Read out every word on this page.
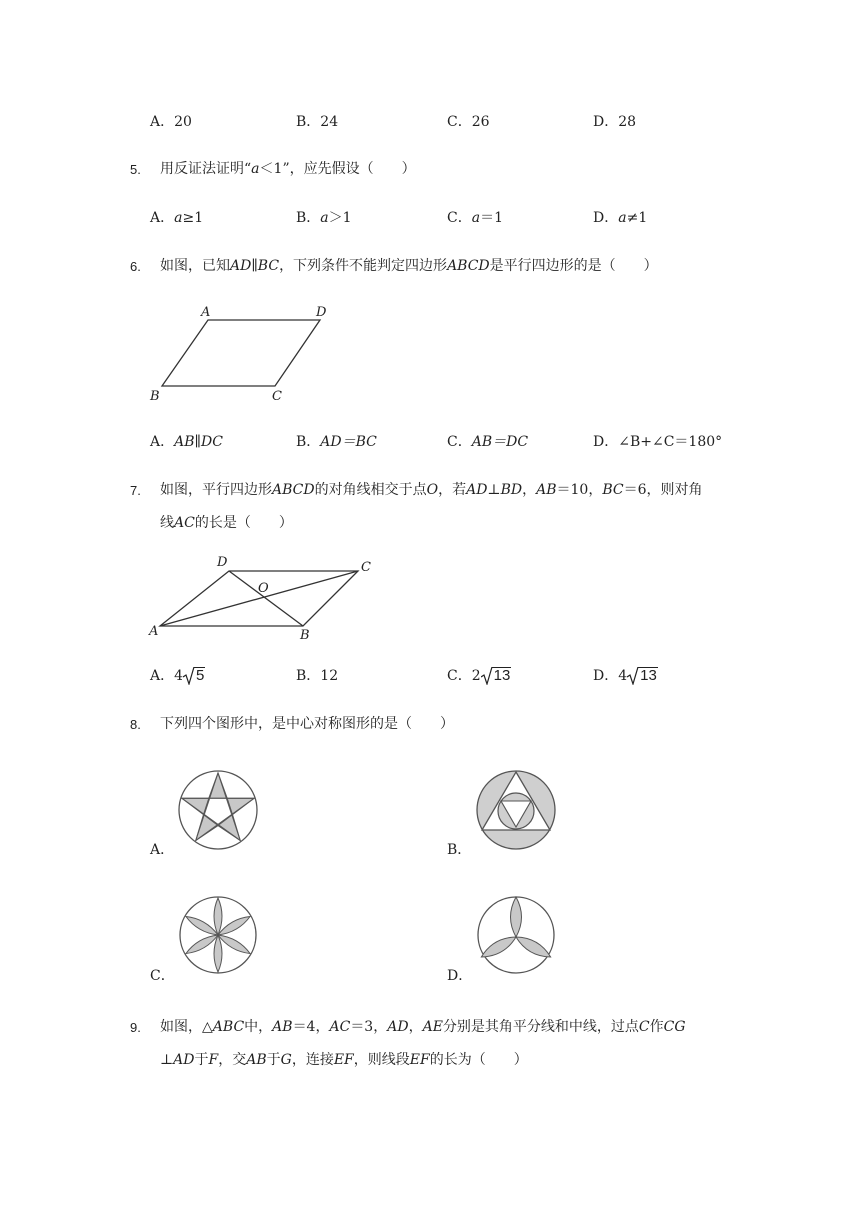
A．20	B．24	C．26	D．28
5. 用反证法证明“a＜1”，应先假设（　　）
A．a≥1	B．a＞1	C．a＝1	D．a≠1
6. 如图，已知AD∥BC，下列条件不能判定四边形ABCD是平行四边形的是（　　）
A	D
B	C
A．AB∥DC	B．AD＝BC	C．AB＝DC	D．∠B+∠C＝180°
7. 如图，平行四边形ABCD的对角线相交于点O，若AD⊥BD，AB＝10，BC＝6，则对角
线AC的长是（　　）
D	C
A	B
O
A．4 5	B．12	C．2 13	D．4 13
8. 下列四个图形中，是中心对称图形的是（　　）
A．	B．
C．	D．
9. 如图，△ABC中，AB＝4，AC＝3，AD，AE分别是其角平分线和中线，过点C作CG
⊥AD于F，交AB于G，连接EF，则线段EF的长为（　　）
